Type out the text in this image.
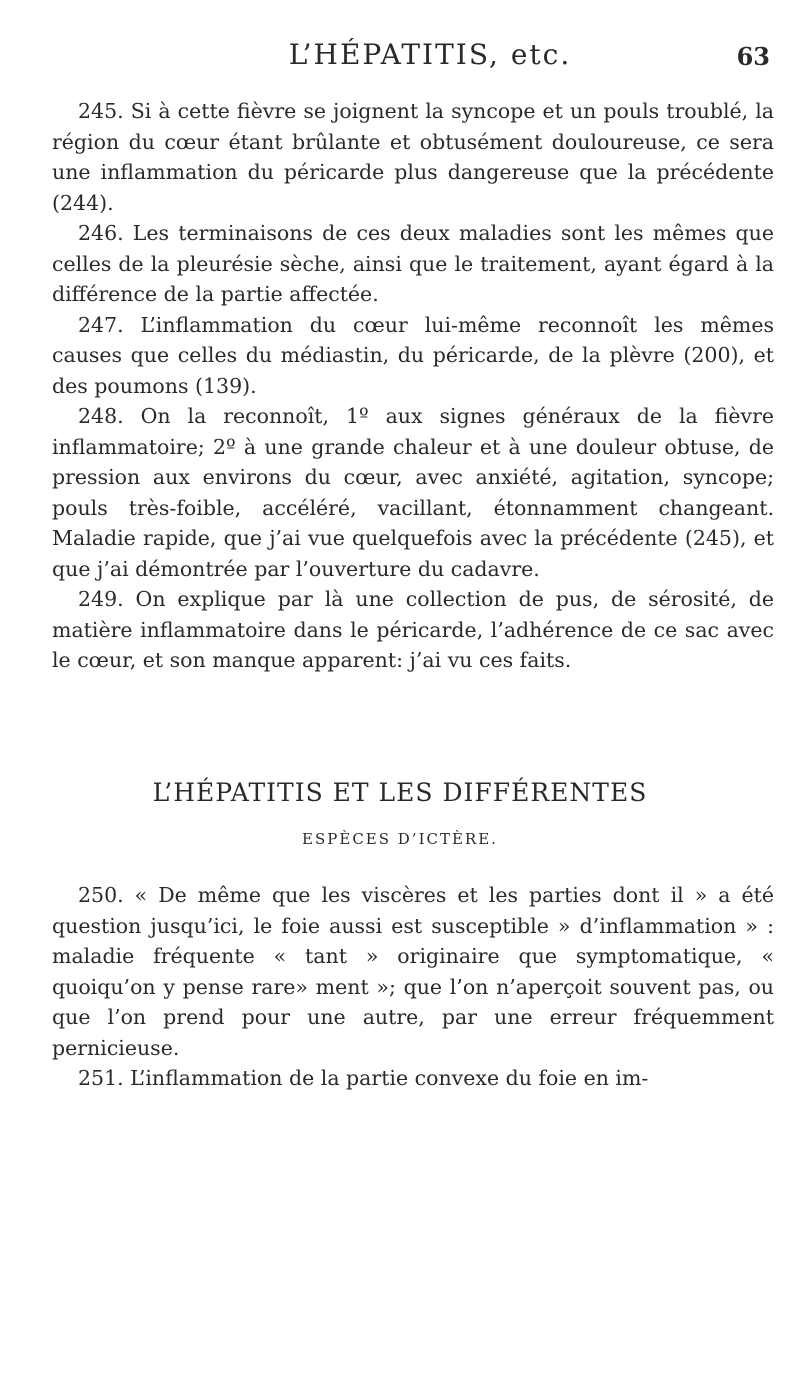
L’HÉPATITIS, etc.	63

245. Si à cette fièvre se joignent la syncope et un pouls troublé, la région du cœur étant brûlante et obtusément douloureuse, ce sera une inflammation du péricarde plus dangereuse que la précédente (244).

246. Les terminaisons de ces deux maladies sont les mêmes que celles de la pleurésie sèche, ainsi que le traitement, ayant égard à la différence de la partie affectée.

247. L’inflammation du cœur lui-même reconnoît les mêmes causes que celles du médiastin, du péricarde, de la plèvre (200), et des poumons (139).

248. On la reconnoît, 1º aux signes généraux de la fièvre inflammatoire; 2º à une grande chaleur et à une douleur obtuse, de pression aux environs du cœur, avec anxiété, agitation, syncope; pouls très-foible, accéléré, vacillant, étonnamment changeant. Maladie rapide, que j’ai vue quelquefois avec la précédente (245), et que j’ai démontrée par l’ouverture du cadavre.

249. On explique par là une collection de pus, de sérosité, de matière inflammatoire dans le péricarde, l’adhérence de ce sac avec le cœur, et son manque apparent: j’ai vu ces faits.

L’HÉPATITIS ET LES DIFFÉRENTES
ESPÈCES D’ICTÈRE.

250. « De même que les viscères et les parties dont il » a été question jusqu’ici, le foie aussi est susceptible » d’inflammation » : maladie fréquente « tant » originaire que symptomatique, « quoiqu’on y pense rare» ment »; que l’on n’aperçoit souvent pas, ou que l’on prend pour une autre, par une erreur fréquemment pernicieuse.

251. L’inflammation de la partie convexe du foie en im-
